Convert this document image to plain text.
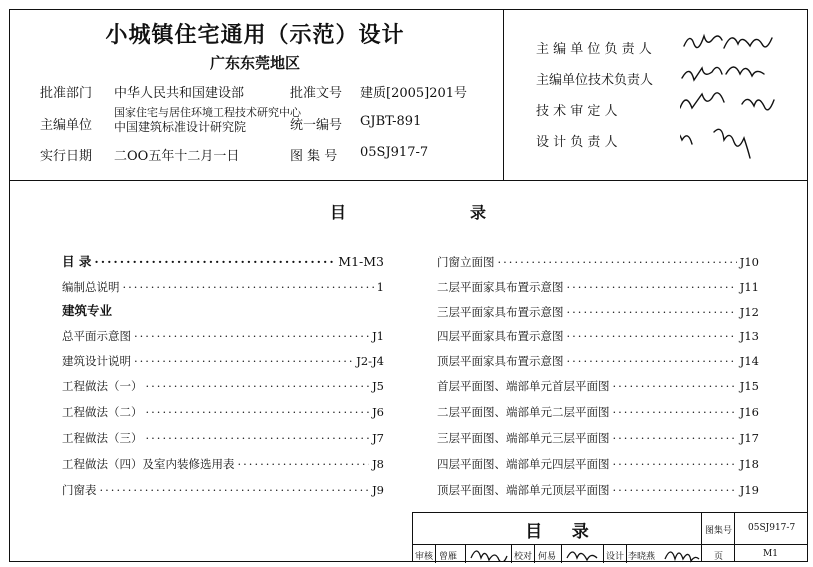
小城镇住宅通用（示范）设计
广东东莞地区
批准部门 中华人民共和国建设部	批准文号 建质[2005]201号
主编单位
国家住宅与居住环境工程技术研究中心
中国建筑标准设计研究院	统一编号 GJBT-891
实行日期 二OO五年十二月一日	图 集 号 05SJ917-7
主 编 单 位 负 责 人
主编单位技术负责人
技 术 审 定 人
设 计 负 责 人
目	录
目 录 ·····	M1-M3
编制总说明 ·····	1
建筑专业
总平面示意图 ·····	J1
建筑设计说明 ·····	J2-J4
工程做法（一） ·····	J5
工程做法（二） ·····	J6
工程做法（三） ·····	J7
工程做法（四）及室内装修选用表 ·····	J8
门窗表 ·····	J9
门窗立面图 ·····	J10
二层平面家具布置示意图 ·····	J11
三层平面家具布置示意图 ·····	J12
四层平面家具布置示意图 ·····	J13
顶层平面家具布置示意图 ·····	J14
首层平面图、端部单元首层平面图 ·····	J15
二层平面图、端部单元二层平面图 ·····	J16
三层平面图、端部单元三层平面图 ·····	J17
四层平面图、端部单元四层平面图 ·····	J18
顶层平面图、端部单元顶层平面图 ·····	J19
目     录	图集号 05SJ917-7
审核 曾雁	校对 何易	设计 李晓燕	页	M1
